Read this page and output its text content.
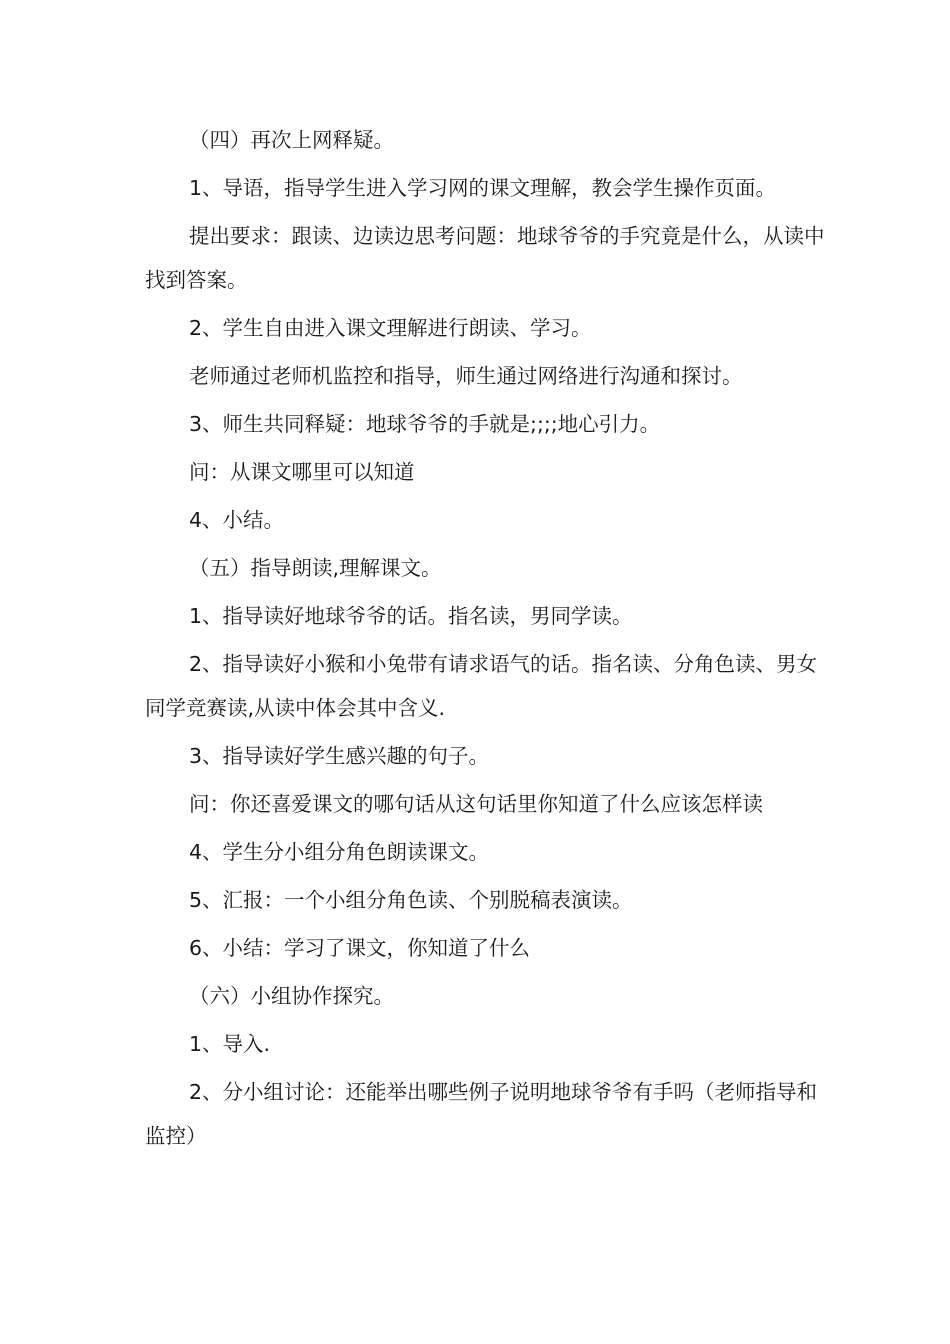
（四）再次上网释疑。

1、导语，指导学生进入学习网的课文理解，教会学生操作页面。

提出要求：跟读、边读边思考问题：地球爷爷的手究竟是什么，从读中找到答案。

2、学生自由进入课文理解进行朗读、学习。

老师通过老师机监控和指导，师生通过网络进行沟通和探讨。

3、师生共同释疑：地球爷爷的手就是;;;;地心引力。

问：从课文哪里可以知道

4、小结。

（五）指导朗读,理解课文。

1、指导读好地球爷爷的话。指名读，男同学读。

2、指导读好小猴和小兔带有请求语气的话。指名读、分角色读、男女同学竞赛读,从读中体会其中含义.

3、指导读好学生感兴趣的句子。

问：你还喜爱课文的哪句话从这句话里你知道了什么应该怎样读

4、学生分小组分角色朗读课文。

5、汇报：一个小组分角色读、个别脱稿表演读。

6、小结：学习了课文，你知道了什么

（六）小组协作探究。

1、导入.

2、分小组讨论：还能举出哪些例子说明地球爷爷有手吗（老师指导和监控）
